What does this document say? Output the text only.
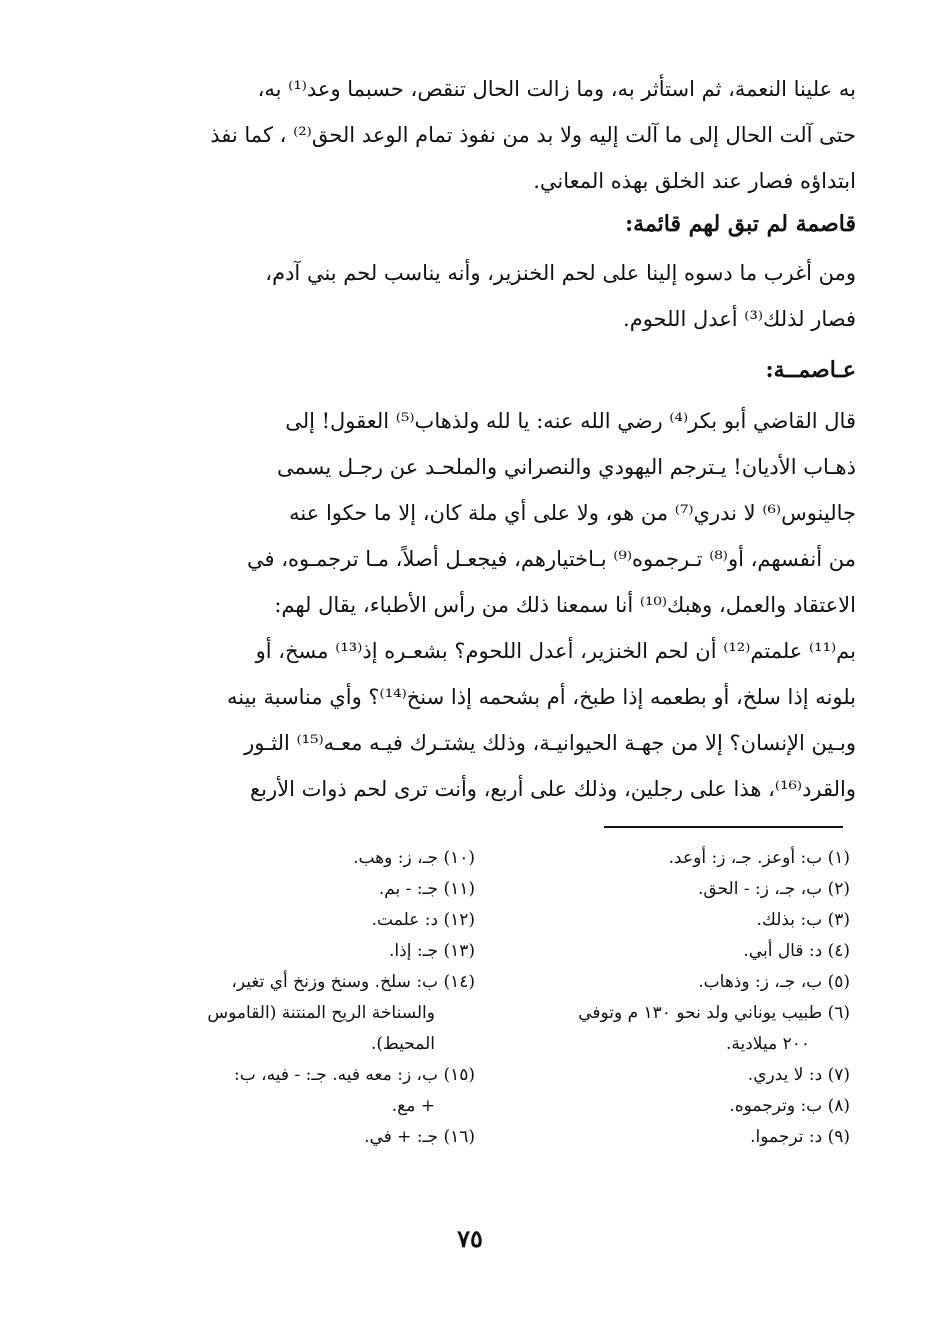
به علينا النعمة، ثم استأثر به، وما زالت الحال تنقص، حسبما وعد⁽¹⁾ به،
حتى آلت الحال إلى ما آلت إليه ولا بد من نفوذ تمام الوعد الحق⁽²⁾ ، كما نفذ
ابتداؤه فصار عند الخلق بهذه المعاني.
قاصمة لم تبق لهم قائمة:
ومن أغرب ما دسوه إلينا على لحم الخنزير، وأنه يناسب لحم بني آدم،
فصار لذلك⁽³⁾ أعدل اللحوم.
عـاصمــة:
قال القاضي أبو بكر⁽⁴⁾ رضي الله عنه: يا لله ولذهاب⁽⁵⁾ العقول! إلى
ذهـاب الأديان! يـترجم اليهودي والنصراني والملحـد عن رجـل يسمى
جالينوس⁽⁶⁾ لا ندري⁽⁷⁾ من هو، ولا على أي ملة كان، إلا ما حكوا عنه
من أنفسهم، أو⁽⁸⁾ تـرجموه⁽⁹⁾ بـاختيارهم، فيجعـل أصلاً، مـا ترجمـوه، في
الاعتقاد والعمل، وهبك⁽¹⁰⁾ أنا سمعنا ذلك من رأس الأطباء، يقال لهم:
بم⁽¹¹⁾ علمتم⁽¹²⁾ أن لحم الخنزير، أعدل اللحوم؟ بشعـره إذ⁽¹³⁾ مسخ، أو
بلونه إذا سلخ، أو بطعمه إذا طبخ، أم بشحمه إذا سنخ⁽¹⁴⁾؟ وأي مناسبة بينه
وبـين الإنسان؟ إلا من جهـة الحيوانيـة، وذلك يشتـرك فيـه معـه⁽¹⁵⁾ الثـور
والقرد⁽¹⁶⁾، هذا على رجلين، وذلك على أربع، وأنت ترى لحم ذوات الأربع
(١) ب: أوعز. جـ، ز: أوعد.
(٢) ب، جـ، ز: - الحق.
(٣) ب: بذلك.
(٤) د: قال أبي.
(٥) ب، جـ، ز: وذهاب.
(٦) طبيب يوناني ولد نحو ١٣٠ م وتوفي
٢٠٠ ميلادية.
(٧) د: لا يدري.
(٨) ب: وترجموه.
(٩) د: ترجموا.
(١٠) جـ، ز: وهب.
(١١) جـ: - بم.
(١٢) د: علمت.
(١٣) جـ: إذا.
(١٤) ب: سلخ. وسنخ وزنخ أي تغير،
والسناخة الريح المنتنة (القاموس
المحيط).
(١٥) ب، ز: معه فيه. جـ: - فيه، ب:
+ مع.
(١٦) جـ: + في.
٧٥
